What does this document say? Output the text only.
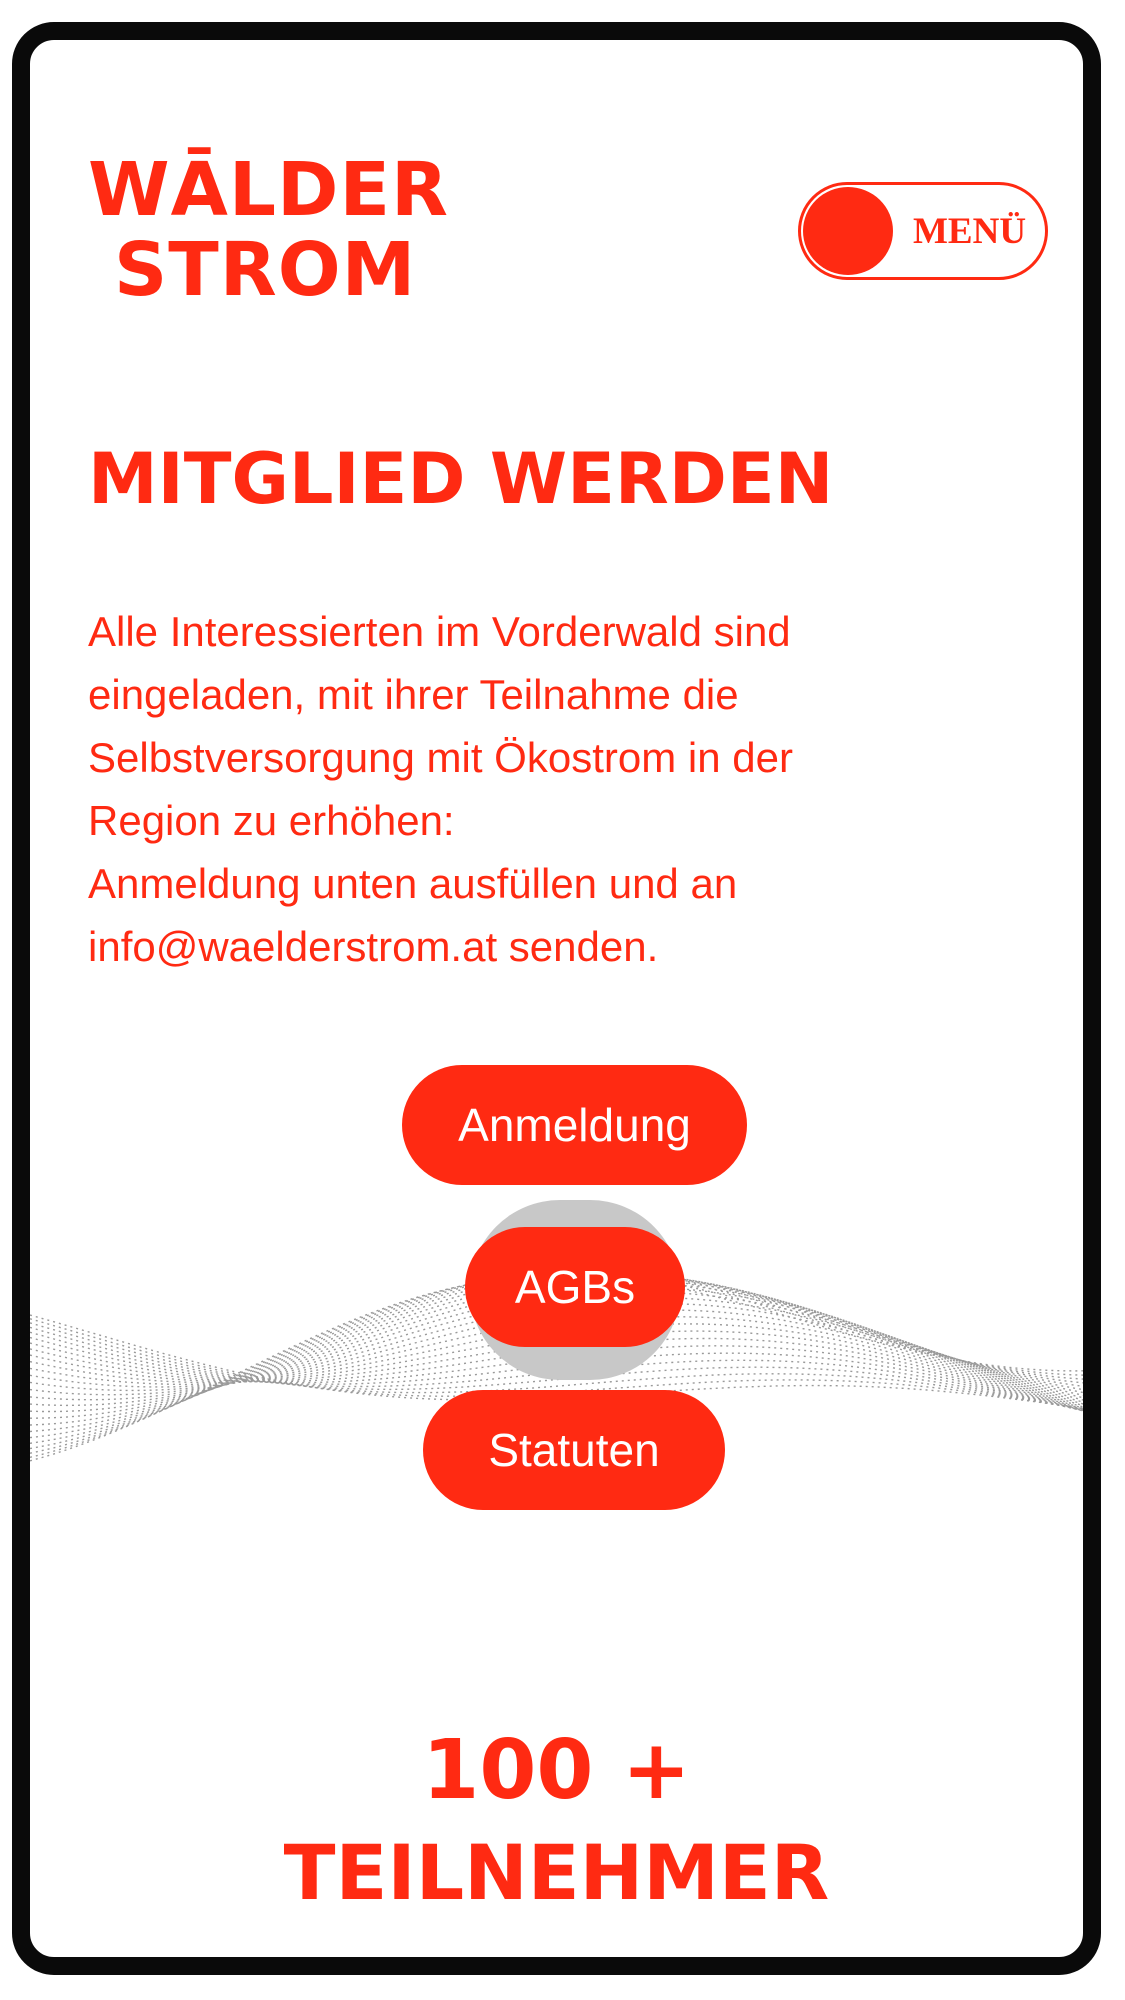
WĀLDER
STROM	MENÜ
MITGLIED WERDEN

Alle Interessierten im Vorderwald sind
eingeladen, mit ihrer Teilnahme die
Selbstversorgung mit Ökostrom in der
Region zu erhöhen:
Anmeldung unten ausfüllen und an
info@waelderstrom.at senden.

Anmeldung
AGBs
Statuten
100 +
TEILNEHMER
